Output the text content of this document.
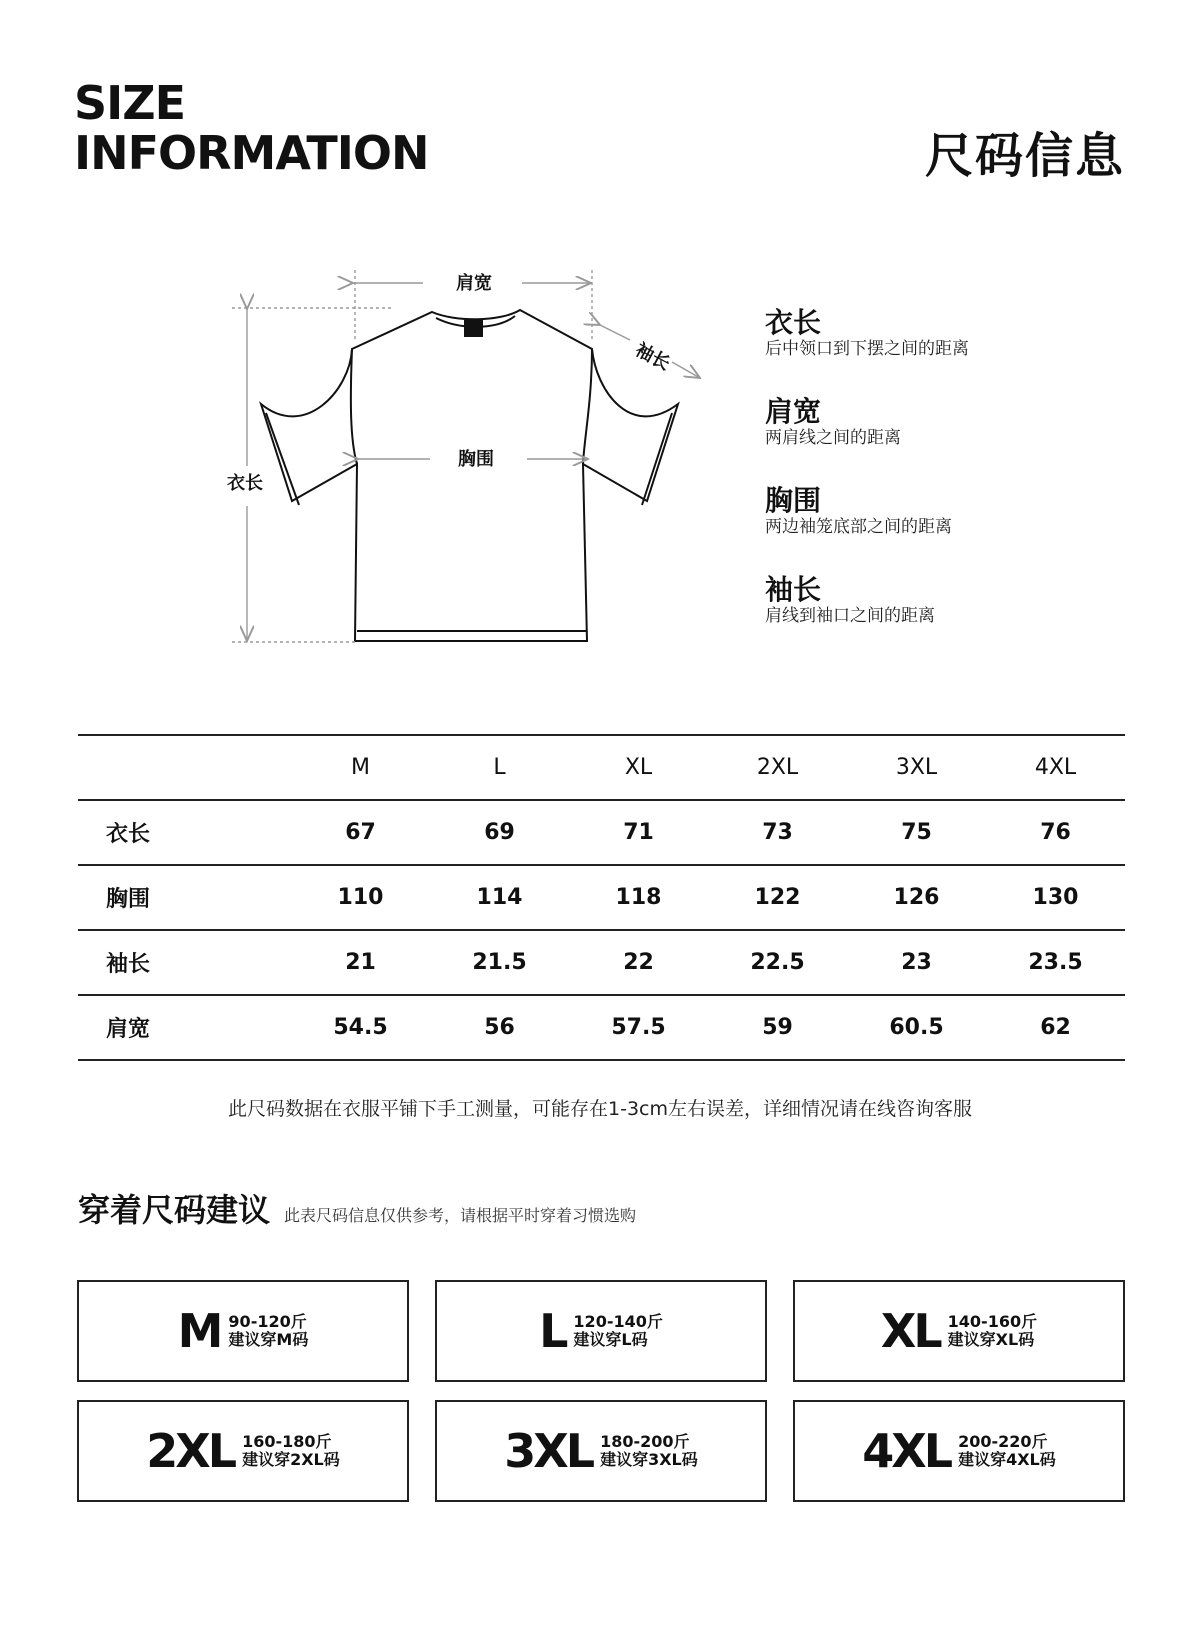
SIZE
INFORMATION	尺码信息
肩宽
胸围
衣长
袖长
衣长
后中领口到下摆之间的距离
肩宽
两肩线之间的距离
胸围
两边袖笼底部之间的距离
袖长
肩线到袖口之间的距离
	M	L	XL	2XL	3XL	4XL
衣长	67	69	71	73	75	76
胸围	110	114	118	122	126	130
袖长	21	21.5	22	22.5	23	23.5
肩宽	54.5	56	57.5	59	60.5	62
此尺码数据在衣服平铺下手工测量，可能存在1-3cm左右误差，详细情况请在线咨询客服
穿着尺码建议 此表尺码信息仅供参考，请根据平时穿着习惯选购
M 90-120斤
建议穿M码	L 120-140斤
建议穿L码	XL 140-160斤
建议穿XL码
2XL 160-180斤
建议穿2XL码	3XL 180-200斤
建议穿3XL码	4XL 200-220斤
建议穿4XL码
